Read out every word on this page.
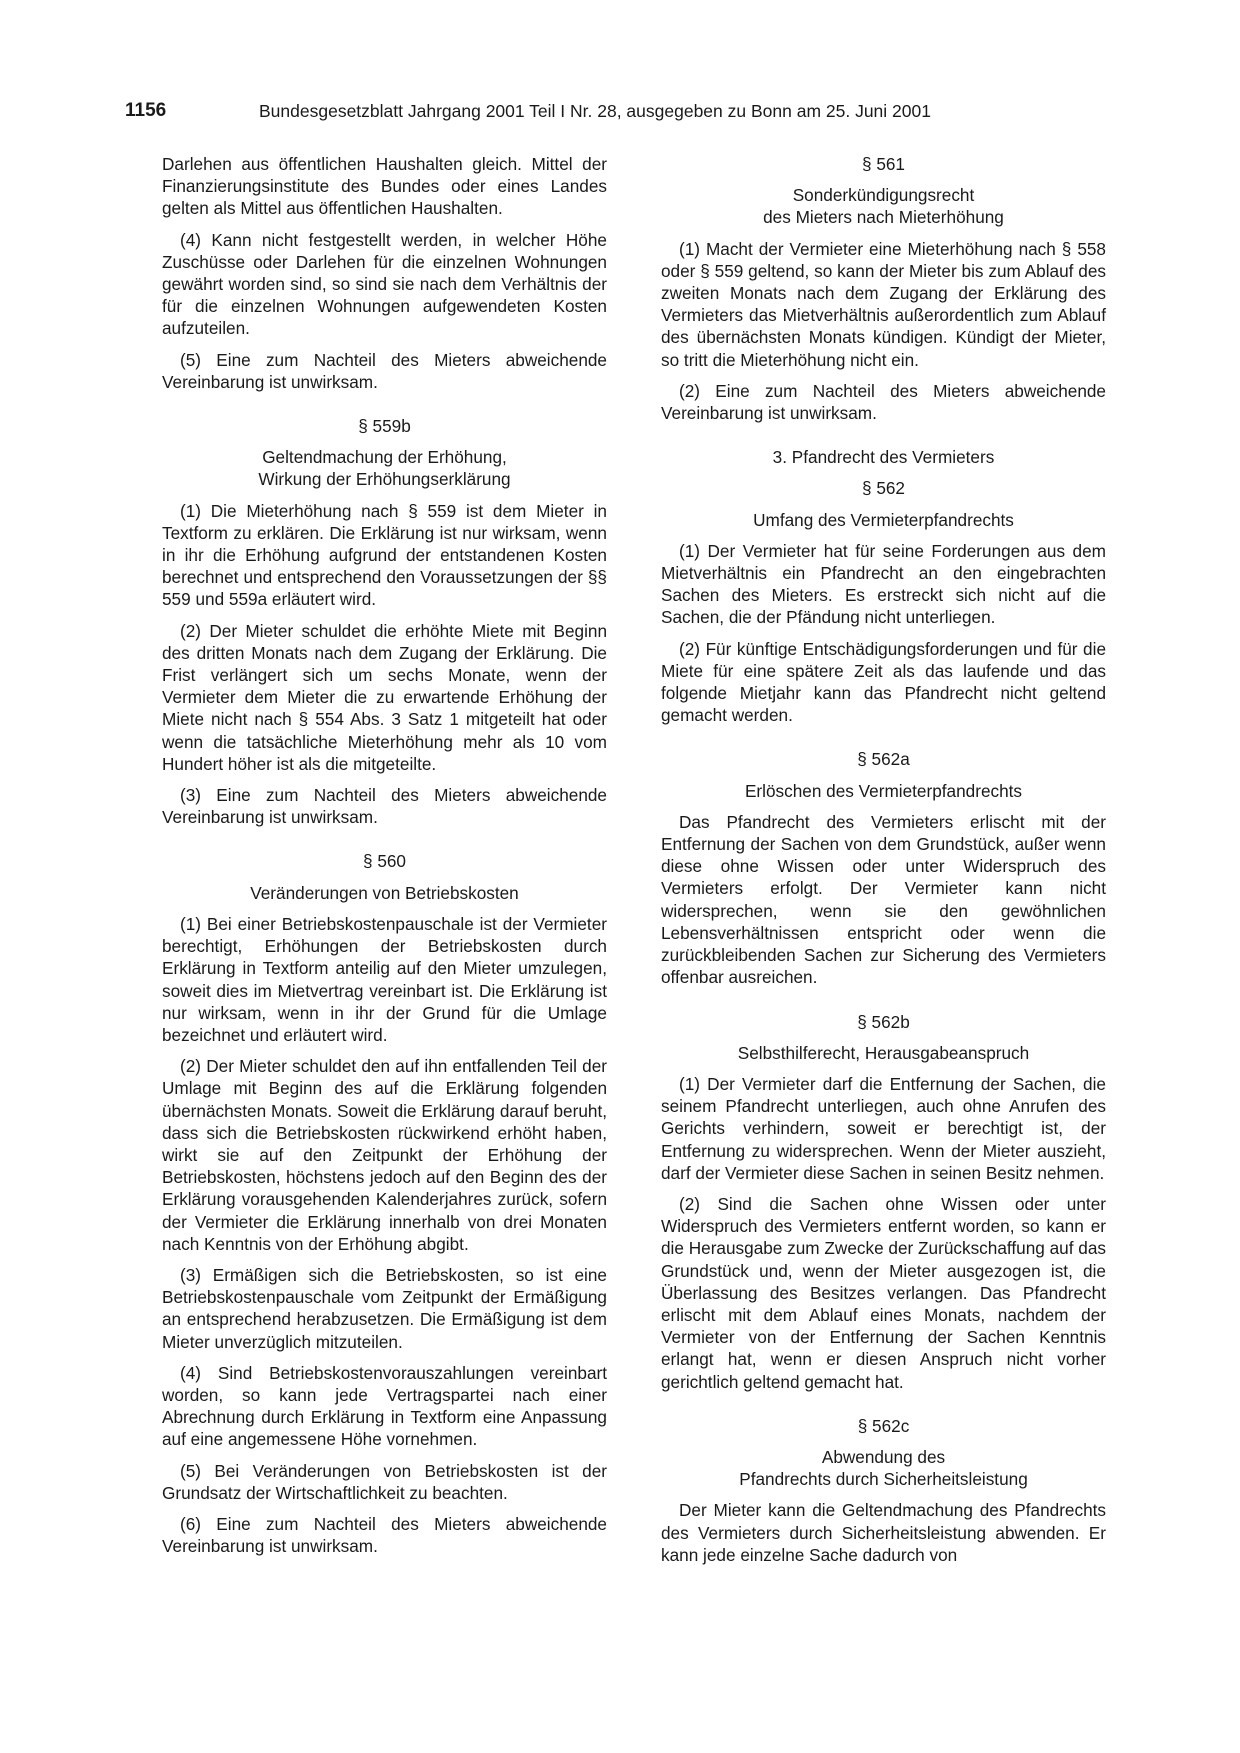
1156	Bundesgesetzblatt Jahrgang 2001 Teil I Nr. 28, ausgegeben zu Bonn am 25. Juni 2001

Darlehen aus öffentlichen Haushalten gleich. Mittel der Finanzierungsinstitute des Bundes oder eines Landes gelten als Mittel aus öffentlichen Haushalten.

(4) Kann nicht festgestellt werden, in welcher Höhe Zuschüsse oder Darlehen für die einzelnen Wohnungen gewährt worden sind, so sind sie nach dem Verhältnis der für die einzelnen Wohnungen aufgewendeten Kosten aufzuteilen.

(5) Eine zum Nachteil des Mieters abweichende Vereinbarung ist unwirksam.

§ 559b
Geltendmachung der Erhöhung,
Wirkung der Erhöhungserklärung

(1) Die Mieterhöhung nach § 559 ist dem Mieter in Textform zu erklären. Die Erklärung ist nur wirksam, wenn in ihr die Erhöhung aufgrund der entstandenen Kosten berechnet und entsprechend den Voraussetzungen der §§ 559 und 559a erläutert wird.

(2) Der Mieter schuldet die erhöhte Miete mit Beginn des dritten Monats nach dem Zugang der Erklärung. Die Frist verlängert sich um sechs Monate, wenn der Vermieter dem Mieter die zu erwartende Erhöhung der Miete nicht nach § 554 Abs. 3 Satz 1 mitgeteilt hat oder wenn die tatsächliche Mieterhöhung mehr als 10 vom Hundert höher ist als die mitgeteilte.

(3) Eine zum Nachteil des Mieters abweichende Vereinbarung ist unwirksam.

§ 560
Veränderungen von Betriebskosten

(1) Bei einer Betriebskostenpauschale ist der Vermieter berechtigt, Erhöhungen der Betriebskosten durch Erklärung in Textform anteilig auf den Mieter umzulegen, soweit dies im Mietvertrag vereinbart ist. Die Erklärung ist nur wirksam, wenn in ihr der Grund für die Umlage bezeichnet und erläutert wird.

(2) Der Mieter schuldet den auf ihn entfallenden Teil der Umlage mit Beginn des auf die Erklärung folgenden übernächsten Monats. Soweit die Erklärung darauf beruht, dass sich die Betriebskosten rückwirkend erhöht haben, wirkt sie auf den Zeitpunkt der Erhöhung der Betriebskosten, höchstens jedoch auf den Beginn des der Erklärung vorausgehenden Kalenderjahres zurück, sofern der Vermieter die Erklärung innerhalb von drei Monaten nach Kenntnis von der Erhöhung abgibt.

(3) Ermäßigen sich die Betriebskosten, so ist eine Betriebskostenpauschale vom Zeitpunkt der Ermäßigung an entsprechend herabzusetzen. Die Ermäßigung ist dem Mieter unverzüglich mitzuteilen.

(4) Sind Betriebskostenvorauszahlungen vereinbart worden, so kann jede Vertragspartei nach einer Abrechnung durch Erklärung in Textform eine Anpassung auf eine angemessene Höhe vornehmen.

(5) Bei Veränderungen von Betriebskosten ist der Grundsatz der Wirtschaftlichkeit zu beachten.

(6) Eine zum Nachteil des Mieters abweichende Vereinbarung ist unwirksam.

§ 561
Sonderkündigungsrecht
des Mieters nach Mieterhöhung

(1) Macht der Vermieter eine Mieterhöhung nach § 558 oder § 559 geltend, so kann der Mieter bis zum Ablauf des zweiten Monats nach dem Zugang der Erklärung des Vermieters das Mietverhältnis außerordentlich zum Ablauf des übernächsten Monats kündigen. Kündigt der Mieter, so tritt die Mieterhöhung nicht ein.

(2) Eine zum Nachteil des Mieters abweichende Vereinbarung ist unwirksam.

3. Pfandrecht des Vermieters
§ 562
Umfang des Vermieterpfandrechts

(1) Der Vermieter hat für seine Forderungen aus dem Mietverhältnis ein Pfandrecht an den eingebrachten Sachen des Mieters. Es erstreckt sich nicht auf die Sachen, die der Pfändung nicht unterliegen.

(2) Für künftige Entschädigungsforderungen und für die Miete für eine spätere Zeit als das laufende und das folgende Mietjahr kann das Pfandrecht nicht geltend gemacht werden.

§ 562a
Erlöschen des Vermieterpfandrechts

Das Pfandrecht des Vermieters erlischt mit der Entfernung der Sachen von dem Grundstück, außer wenn diese ohne Wissen oder unter Widerspruch des Vermieters erfolgt. Der Vermieter kann nicht widersprechen, wenn sie den gewöhnlichen Lebensverhältnissen entspricht oder wenn die zurückbleibenden Sachen zur Sicherung des Vermieters offenbar ausreichen.

§ 562b
Selbsthilferecht, Herausgabeanspruch

(1) Der Vermieter darf die Entfernung der Sachen, die seinem Pfandrecht unterliegen, auch ohne Anrufen des Gerichts verhindern, soweit er berechtigt ist, der Entfernung zu widersprechen. Wenn der Mieter auszieht, darf der Vermieter diese Sachen in seinen Besitz nehmen.

(2) Sind die Sachen ohne Wissen oder unter Widerspruch des Vermieters entfernt worden, so kann er die Herausgabe zum Zwecke der Zurückschaffung auf das Grundstück und, wenn der Mieter ausgezogen ist, die Überlassung des Besitzes verlangen. Das Pfandrecht erlischt mit dem Ablauf eines Monats, nachdem der Vermieter von der Entfernung der Sachen Kenntnis erlangt hat, wenn er diesen Anspruch nicht vorher gerichtlich geltend gemacht hat.

§ 562c
Abwendung des
Pfandrechts durch Sicherheitsleistung

Der Mieter kann die Geltendmachung des Pfandrechts des Vermieters durch Sicherheitsleistung abwenden. Er kann jede einzelne Sache dadurch von
